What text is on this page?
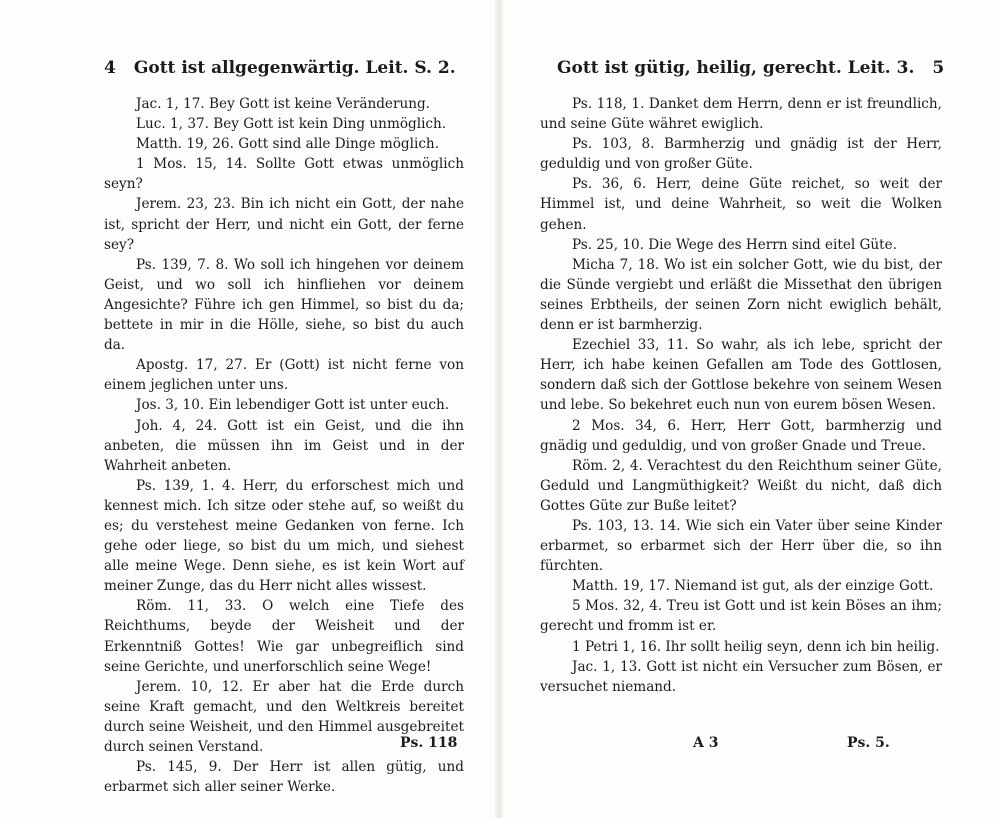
4 Gott ist allgegenwärtig. Leit. S. 2.

Jac. 1, 17. Bey Gott ist keine Veränderung.

Luc. 1, 37. Bey Gott ist kein Ding unmöglich.

Matth. 19, 26. Gott sind alle Dinge möglich.

1 Mos. 15, 14. Sollte Gott etwas unmöglich seyn?

Jerem. 23, 23. Bin ich nicht ein Gott, der nahe ist, spricht der Herr, und nicht ein Gott, der ferne sey?

Ps. 139, 7. 8. Wo soll ich hingehen vor deinem Geist, und wo soll ich hinfliehen vor deinem Angesichte? Führe ich gen Himmel, so bist du da; bettete in mir in die Hölle, siehe, so bist du auch da.

Apostg. 17, 27. Er (Gott) ist nicht ferne von einem jeglichen unter uns.

Jos. 3, 10. Ein lebendiger Gott ist unter euch.

Joh. 4, 24. Gott ist ein Geist, und die ihn anbeten, die müssen ihn im Geist und in der Wahrheit anbeten.

Ps. 139, 1. 4. Herr, du erforschest mich und kennest mich. Ich sitze oder stehe auf, so weißt du es; du verstehest meine Gedanken von ferne. Ich gehe oder liege, so bist du um mich, und siehest alle meine Wege. Denn siehe, es ist kein Wort auf meiner Zunge, das du Herr nicht alles wissest.

Röm. 11, 33. O welch eine Tiefe des Reichthums, beyde der Weisheit und der Erkenntniß Gottes! Wie gar unbegreiflich sind seine Gerichte, und unerforschlich seine Wege!

Jerem. 10, 12. Er aber hat die Erde durch seine Kraft gemacht, und den Weltkreis bereitet durch seine Weisheit, und den Himmel ausgebreitet durch seinen Verstand.

Ps. 145, 9. Der Herr ist allen gütig, und erbarmet sich aller seiner Werke.

Ps. 118
Gott ist gütig, heilig, gerecht. Leit. 3. 5

Ps. 118, 1. Danket dem Herrn, denn er ist freundlich, und seine Güte währet ewiglich.

Ps. 103, 8. Barmherzig und gnädig ist der Herr, geduldig und von großer Güte.

Ps. 36, 6. Herr, deine Güte reichet, so weit der Himmel ist, und deine Wahrheit, so weit die Wolken gehen.

Ps. 25, 10. Die Wege des Herrn sind eitel Güte.

Micha 7, 18. Wo ist ein solcher Gott, wie du bist, der die Sünde vergiebt und erläßt die Missethat den übrigen seines Erbtheils, der seinen Zorn nicht ewiglich behält, denn er ist barmherzig.

Ezechiel 33, 11. So wahr, als ich lebe, spricht der Herr, ich habe keinen Gefallen am Tode des Gottlosen, sondern daß sich der Gottlose bekehre von seinem Wesen und lebe. So bekehret euch nun von eurem bösen Wesen.

2 Mos. 34, 6. Herr, Herr Gott, barmherzig und gnädig und geduldig, und von großer Gnade und Treue.

Röm. 2, 4. Verachtest du den Reichthum seiner Güte, Geduld und Langmüthigkeit? Weißt du nicht, daß dich Gottes Güte zur Buße leitet?

Ps. 103, 13. 14. Wie sich ein Vater über seine Kinder erbarmet, so erbarmet sich der Herr über die, so ihn fürchten.

Matth. 19, 17. Niemand ist gut, als der einzige Gott.

5 Mos. 32, 4. Treu ist Gott und ist kein Böses an ihm; gerecht und fromm ist er.

1 Petri 1, 16. Ihr sollt heilig seyn, denn ich bin heilig.

Jac. 1, 13. Gott ist nicht ein Versucher zum Bösen, er versuchet niemand.

A 3	Ps. 5.
